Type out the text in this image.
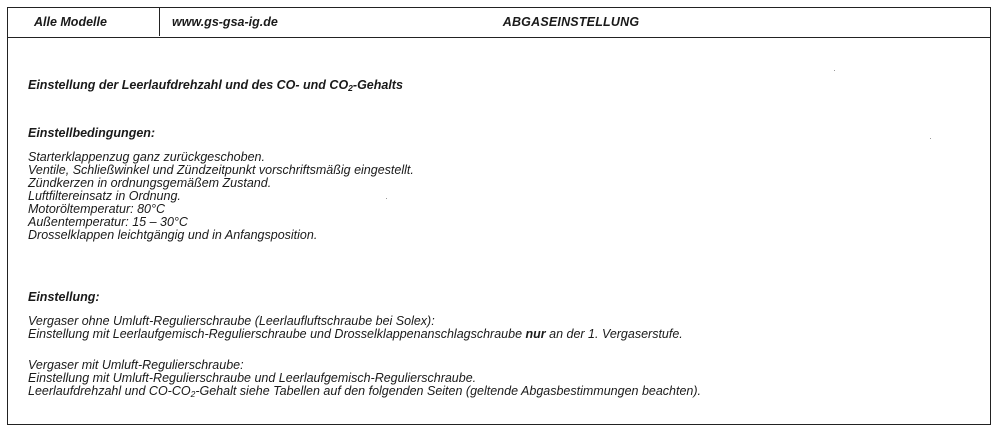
Alle Modelle	www.gs-gsa-ig.de	ABGASEINSTELLUNG
Einstellung der Leerlaufdrehzahl und des CO- und $CO_2$-Gehalts
Einstellbedingungen:
Starterklappenzug ganz zurückgeschoben.
Ventile, Schließwinkel und Zündzeitpunkt vorschriftsmäßig eingestellt.
Zündkerzen in ordnungsgemäßem Zustand.
Luftfiltereinsatz in Ordnung.
Motoröltemperatur: 80°C
Außentemperatur: 15 – 30°C
Drosselklappen leichtgängig und in Anfangsposition.
Einstellung:
Vergaser ohne Umluft-Regulierschraube (Leerlaufluftschraube bei Solex):
Einstellung mit Leerlaufgemisch-Regulierschraube und Drosselklappenanschlagschraube nur an der 1. Vergaserstufe.
Vergaser mit Umluft-Regulierschraube:
Einstellung mit Umluft-Regulierschraube und Leerlaufgemisch-Regulierschraube.
Leerlaufdrehzahl und $CO-CO_2$-Gehalt siehe Tabellen auf den folgenden Seiten (geltende Abgasbestimmungen beachten).
